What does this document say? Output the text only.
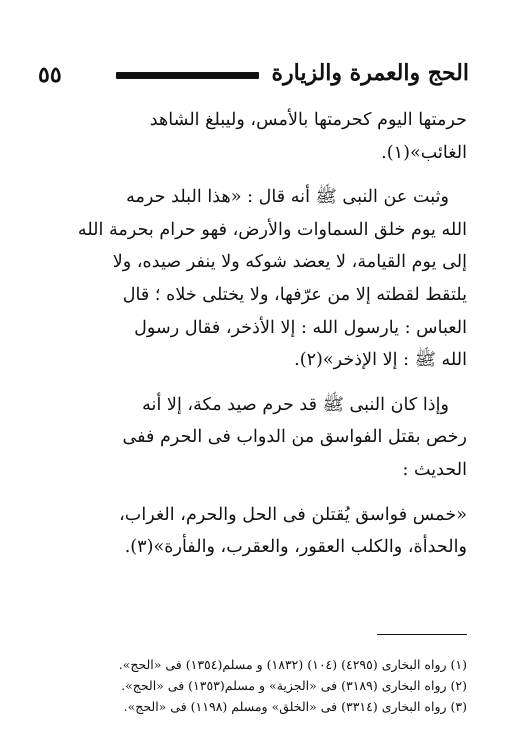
٥٥	الحج والعمرة والزيارة

حرمتها اليوم كحرمتها بالأمس، وليبلغ الشاهد
الغائب»(١).

وثبت عن النبى ﷺ أنه قال : «هذا البلد حرمه
الله يوم خلق السماوات والأرض، فهو حرام بحرمة الله
إلى يوم القيامة، لا يعضد شوكه ولا ينفر صيده، ولا
يلتقط لقطته إلا من عرّفها، ولا يختلى خلاه ؛ قال
العباس : يارسول الله : إلا الأذخر، فقال رسول
الله ﷺ : إلا الإذخر»(٢).

وإذا كان النبى ﷺ قد حرم صيد مكة، إلا أنه
رخص بقتل الفواسق من الدواب فى الحرم ففى
الحديث :

«خمس فواسق يُقتلن فى الحل والحرم، الغراب،
والحدأة، والكلب العقور، والعقرب، والفأرة»(٣).

(١) رواه البخارى (٤٢٩٥) (١٠٤) (١٨٣٢) و مسلم(١٣٥٤) فى «الحج».

(٢) رواه البخارى (٣١٨٩) فى «الجزية» و مسلم(١٣٥٣) فى «الحج».

(٣) رواه البخارى (٣٣١٤) فى «الخلق» ومسلم (١١٩٨) فى «الحج».
